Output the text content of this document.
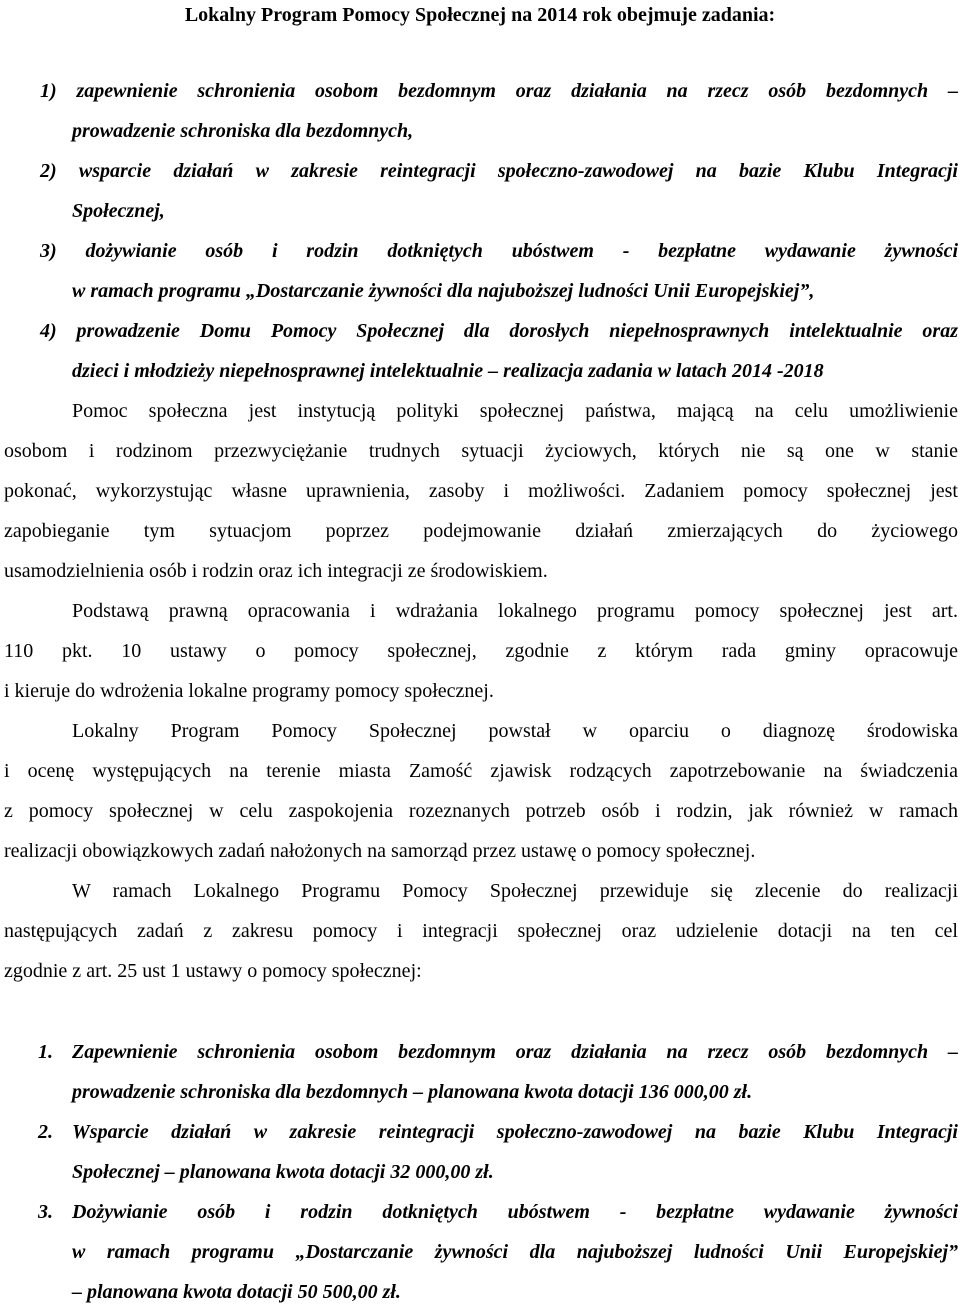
Lokalny Program Pomocy Społecznej na 2014 rok obejmuje zadania:
1) zapewnienie schronienia osobom bezdomnym oraz działania na rzecz osób bezdomnych –
prowadzenie schroniska dla bezdomnych,
2) wsparcie działań w zakresie reintegracji społeczno-zawodowej na bazie Klubu Integracji
Społecznej,
3) dożywianie osób i rodzin dotkniętych ubóstwem - bezpłatne wydawanie żywności
w ramach programu „Dostarczanie żywności dla najuboższej ludności Unii Europejskiej”,
4) prowadzenie Domu Pomocy Społecznej dla dorosłych niepełnosprawnych intelektualnie oraz
dzieci i młodzieży niepełnosprawnej intelektualnie – realizacja zadania w latach 2014 -2018
Pomoc społeczna jest instytucją polityki społecznej państwa, mającą na celu umożliwienie
osobom i rodzinom przezwyciężanie trudnych sytuacji życiowych, których nie są one w stanie
pokonać, wykorzystując własne uprawnienia, zasoby i możliwości. Zadaniem pomocy społecznej jest
zapobieganie tym sytuacjom poprzez podejmowanie działań zmierzających do życiowego
usamodzielnienia osób i rodzin oraz ich integracji ze środowiskiem.
Podstawą prawną opracowania i wdrażania lokalnego programu pomocy społecznej jest art.
110 pkt. 10 ustawy o pomocy społecznej, zgodnie z którym rada gminy opracowuje
i kieruje do wdrożenia lokalne programy pomocy społecznej.
Lokalny Program Pomocy Społecznej powstał w oparciu o diagnozę środowiska
i ocenę występujących na terenie miasta Zamość zjawisk rodzących zapotrzebowanie na świadczenia
z pomocy społecznej w celu zaspokojenia rozeznanych potrzeb osób i rodzin, jak również w ramach
realizacji obowiązkowych zadań nałożonych na samorząd przez ustawę o pomocy społecznej.
W ramach Lokalnego Programu Pomocy Społecznej przewiduje się zlecenie do realizacji
następujących zadań z zakresu pomocy i integracji społecznej oraz udzielenie dotacji na ten cel
zgodnie z art. 25 ust 1 ustawy o pomocy społecznej:
1. Zapewnienie schronienia osobom bezdomnym oraz działania na rzecz osób bezdomnych –
prowadzenie schroniska dla bezdomnych – planowana kwota dotacji 136 000,00 zł.
2. Wsparcie działań w zakresie reintegracji społeczno-zawodowej na bazie Klubu Integracji
Społecznej – planowana kwota dotacji 32 000,00 zł.
3. Dożywianie osób i rodzin dotkniętych ubóstwem - bezpłatne wydawanie żywności
w ramach programu „Dostarczanie żywności dla najuboższej ludności Unii Europejskiej”
– planowana kwota dotacji 50 500,00 zł.
